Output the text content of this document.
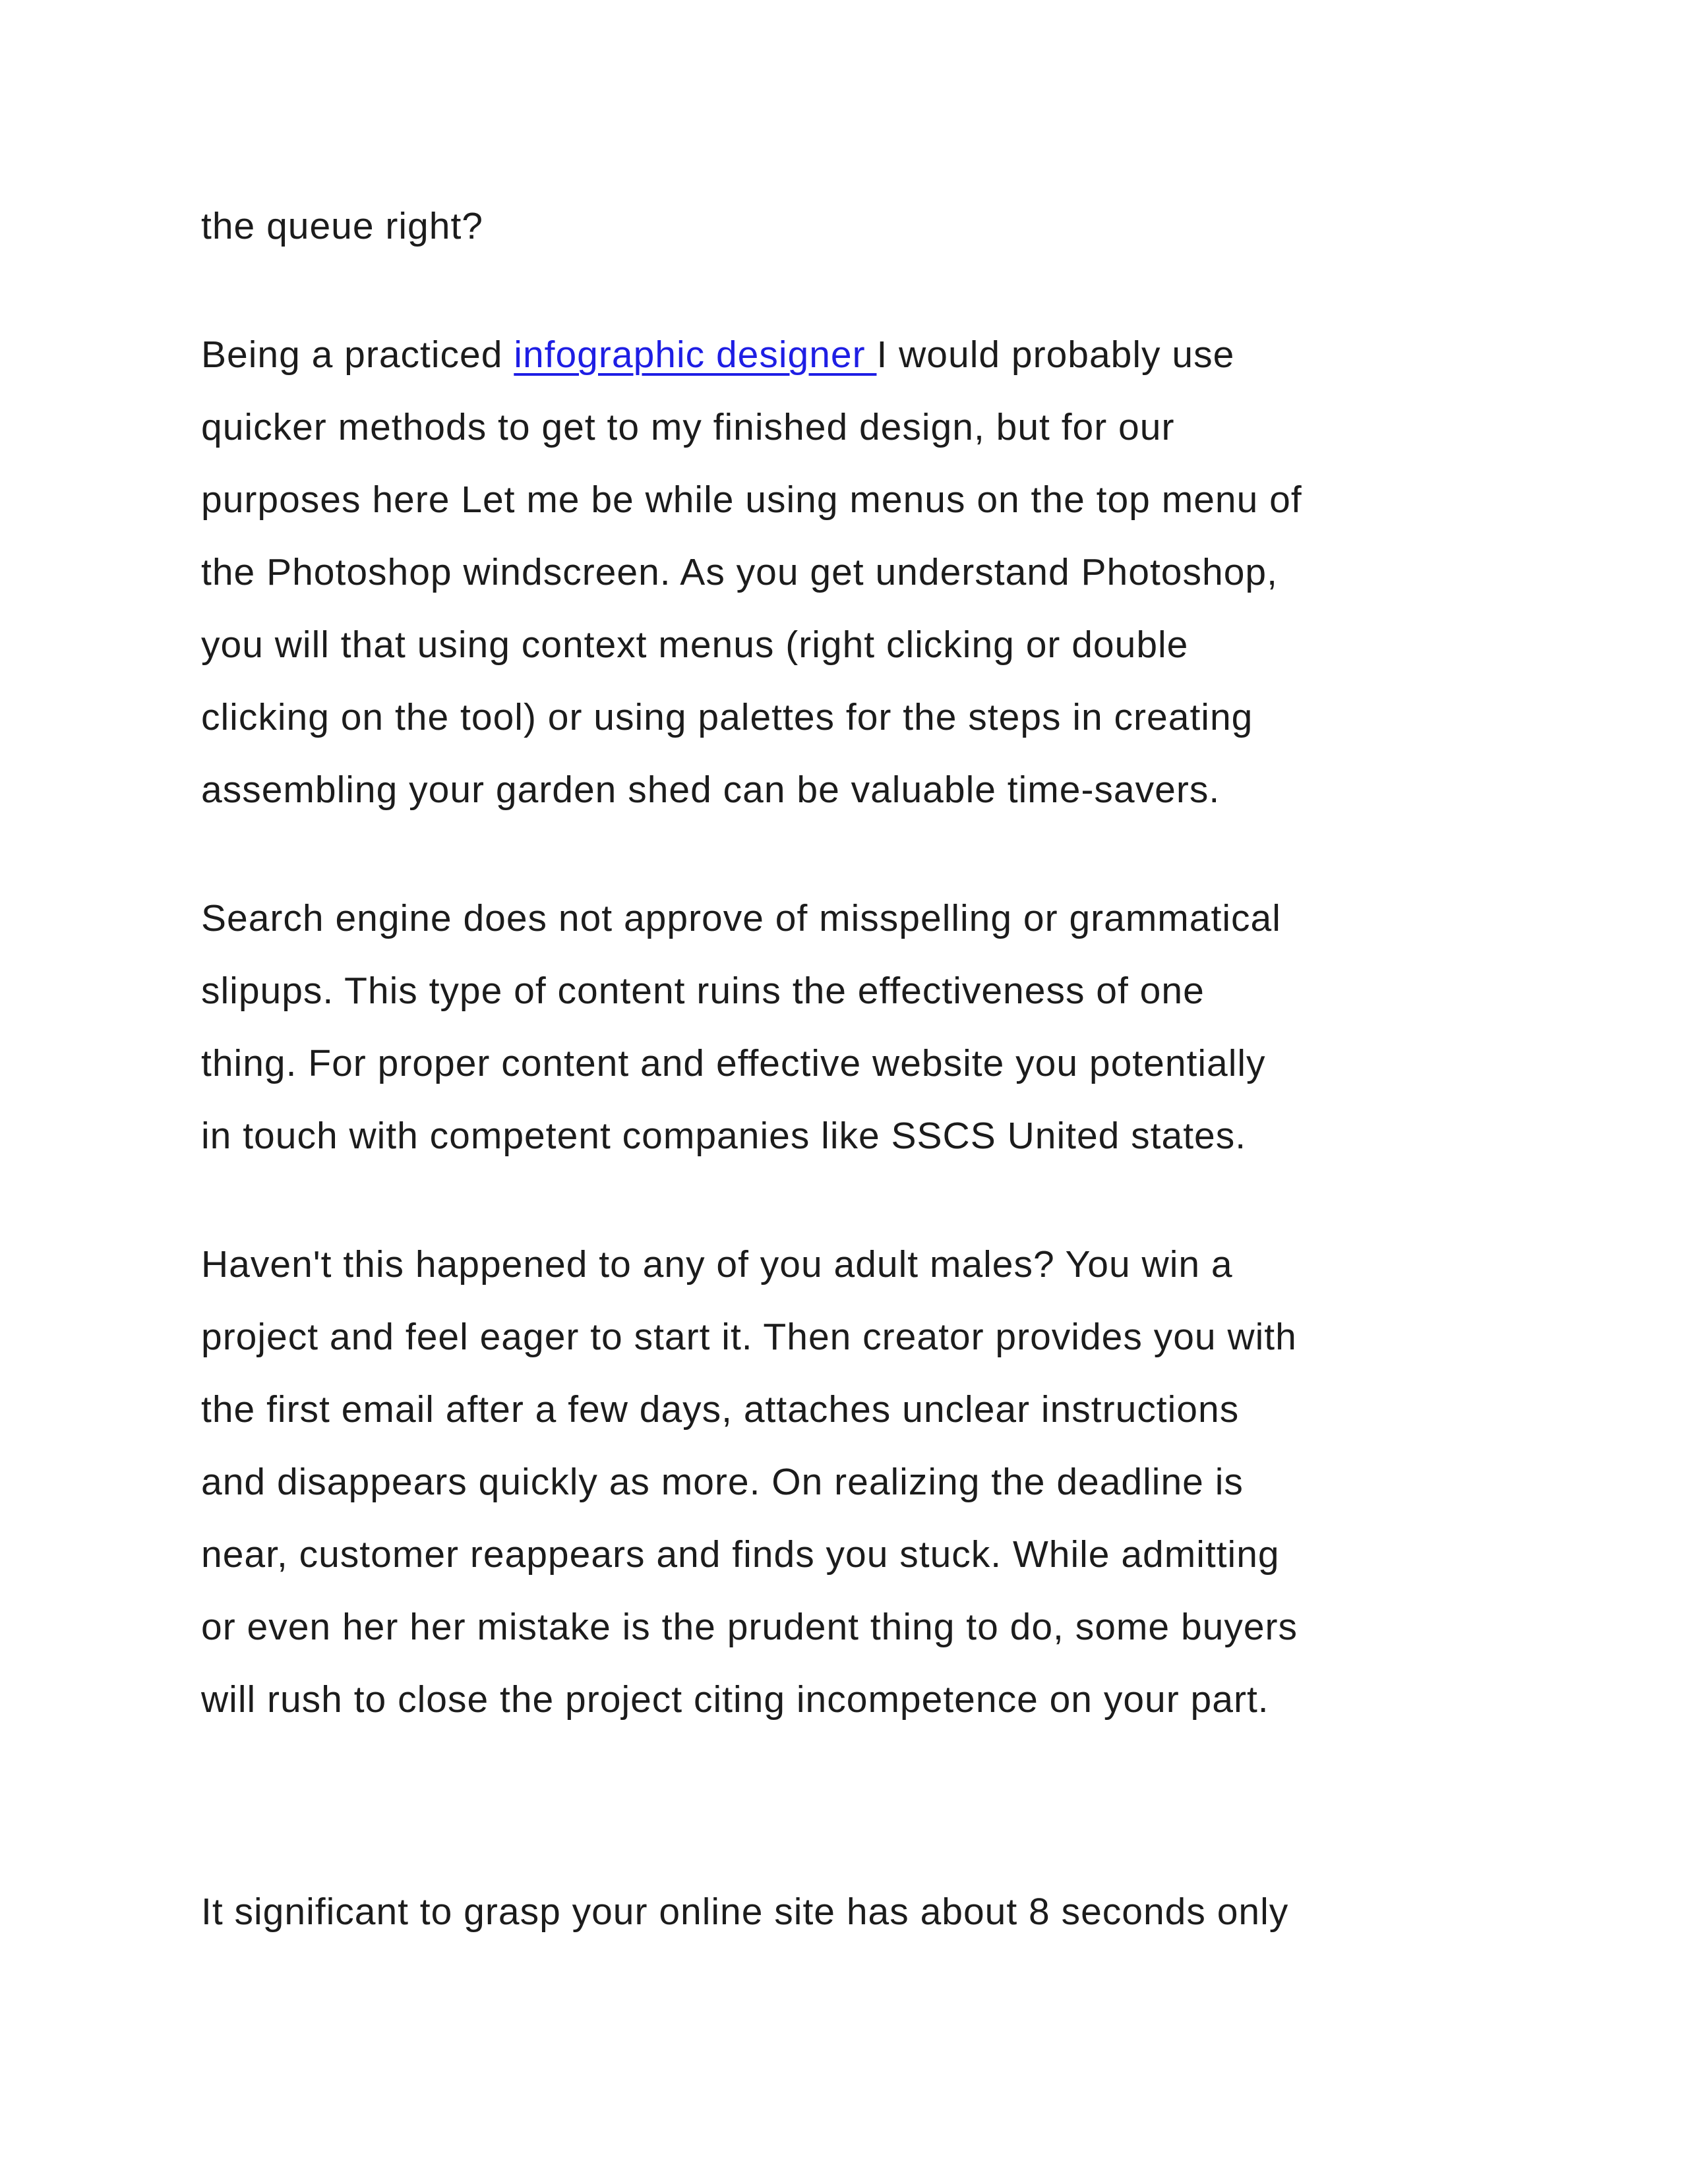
the queue right?
Being a practiced infographic designer I would probably use
quicker methods to get to my finished design, but for our
purposes here Let me be while using menus on the top menu of
the Photoshop windscreen. As you get understand Photoshop,
you will that using context menus (right clicking or double
clicking on the tool) or using palettes for the steps in creating
assembling your garden shed can be valuable time-savers.
Search engine does not approve of misspelling or grammatical
slipups. This type of content ruins the effectiveness of one
thing. For proper content and effective website you potentially
in touch with competent companies like SSCS United states.
Haven't this happened to any of you adult males? You win a
project and feel eager to start it. Then creator provides you with
the first email after a few days, attaches unclear instructions
and disappears quickly as more. On realizing the deadline is
near, customer reappears and finds you stuck. While admitting
or even her her mistake is the prudent thing to do, some buyers
will rush to close the project citing incompetence on your part.
It significant to grasp your online site has about 8 seconds only
